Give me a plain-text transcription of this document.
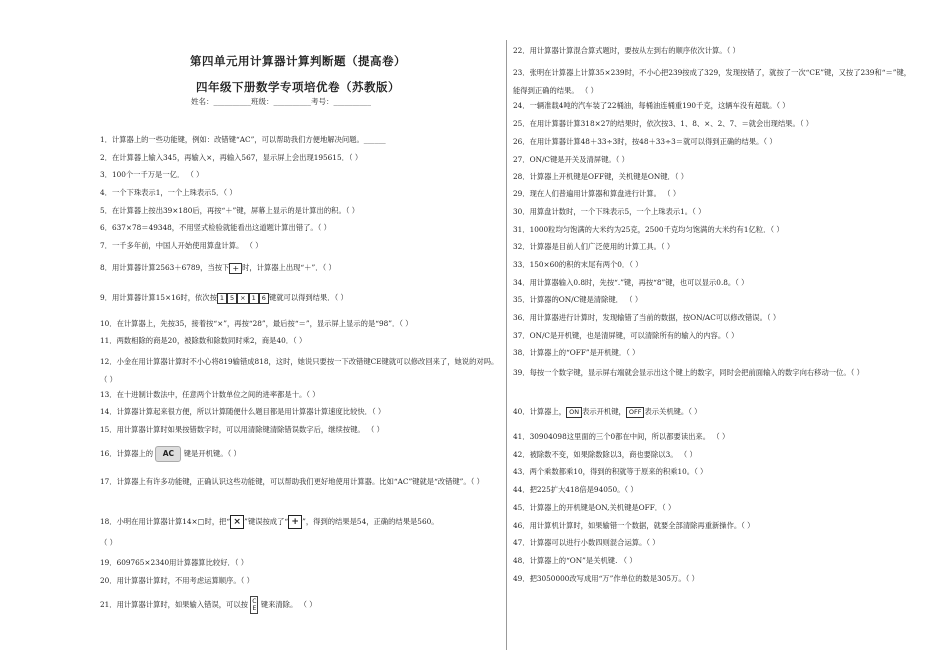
第四单元用计算器计算判断题（提高卷）
四年级下册数学专项培优卷（苏教版）
姓名：__________班级：__________考号：__________
1．计算器上的一些功能键，例如：改错键“AC”，可以帮助我们方便地解决问题。______
2．在计算器上输入345，再输入×，再输入567，显示屏上会出现195615．（ ）
3．100个一千万是一亿． （ ）
4．一个下珠表示1，一个上珠表示5．（ ）
5．在计算器上按出39×180后，再按“＋”键，屏幕上显示的是计算出的积。（ ）
6．637×78＝49348，不用竖式检验就能看出这道题计算出错了。（ ）
7．一千多年前，中国人开始使用算盘计算。 （ ）
8．用计算器计算2563＋6789，当按下 + 时，计算器上出现“＋”．（ ）
9．用计算器计算15×16时，依次按 1 5 × 1 6 键就可以得到结果．（ ）
10．在计算器上，先按35，接着按“×”，再按“28”，最后按“＝”，显示屏上显示的是“98”．（ ）
11．两数相除的商是20，被除数和除数同时乘2，商是40．（ ）
12．小金在用计算器计算时不小心将819输错成818，这时，她说只要按一下改错键CE键就可以修改回来了，她说的对吗。（ ）
13．在十进制计数法中，任意两个计数单位之间的进率都是十。（ ）
14．计算器计算起来很方便，所以计算随便什么题目都是用计算器计算速度比较快．（ ）
15．用计算器计算时如果按错数字时，可以用清除键清除错误数字后，继续按键。 （ ）
16．计算器上的 AC 键是开机键。（ ）
17．计算器上有许多功能键，正确认识这些功能键，可以帮助我们更好地使用计算器。比如“AC”键就是“改错键”。（ ）
18．小明在用计算器计算14×□时，把“ × ”键误按成了“ + ”，得到的结果是54，正确的结果是560。
（ ）
19．609765×2340用计算器算比较好．（ ）
20．用计算器计算时，不用考虑运算顺序。（ ）
21．用计算器计算时，如果输入错误，可以按 C
E 键来清除。 （ ）
22．用计算器计算混合算式题时，要按从左到右的顺序依次计算。（ ）
23．张明在计算器上计算35×239时，不小心把239按成了329，发现按错了，就按了一次“CE”键，又按了239和“＝”键，能得到正确的结果。 （ ）
24．一辆准载4吨的汽车装了22桶油，每桶油连桶重190千克，这辆车没有超载。（ ）
25．在用计算器计算318×27的结果时，依次按3、1、8、×、2、7、＝就会出现结果。（ ）
26．在用计算器计算48＋33÷3时，按48＋33÷3＝就可以得到正确的结果。（ ）
27．ON/C键是开关及清屏键。（ ）
28．计算器上开机键是OFF键，关机键是ON键．（ ）
29．现在人们普遍用计算器和算盘进行计算。 （ ）
30．用算盘计数时，一个下珠表示5，一个上珠表示1。（ ）
31．1000粒均匀饱满的大米约为25克，2500千克均匀饱满的大米约有1亿粒．（ ）
32．计算器是目前人们广泛使用的计算工具。（ ）
33．150×60的积的末尾有两个0．（ ）
34．用计算器输入0.8时，先按“.”键，再按“8”键，也可以显示0.8。（ ）
35．计算器的ON/C键是清除键． （ ）
36．用计算器进行计算时，发现输错了当前的数据，按ON/AC可以修改错误。（ ）
37．ON/C是开机键，也是清屏键，可以清除所有的输入的内容。（ ）
38．计算器上的“OFF”是开机键．（ ）
39．每按一个数字键，显示屏右端就会显示出这个键上的数字，同时会把前面输入的数字向右移动一位。（ ）
40．计算器上， ON 表示开机键， OFF 表示关机键。（ ）
41．30904098这里面的三个0都在中间，所以都要读出来。 （ ）
42．被除数不变，如果除数除以3，商也要除以3。 （ ）
43．两个乘数都乘10，得到的积就等于原来的积乘10。（ ）
44．把225扩大418倍是94050。（ ）
45．计算器上的开机键是ON,关机键是OFF．（ ）
46．用计算机计算时，如果输错一个数据，就要全部清除再重新操作。（ ）
47．计算器可以进行小数四则混合运算。（ ）
48．计算器上的“ON”是关机键. （ ）
49．把3050000改写成用“万”作单位的数是305万。（ ）
